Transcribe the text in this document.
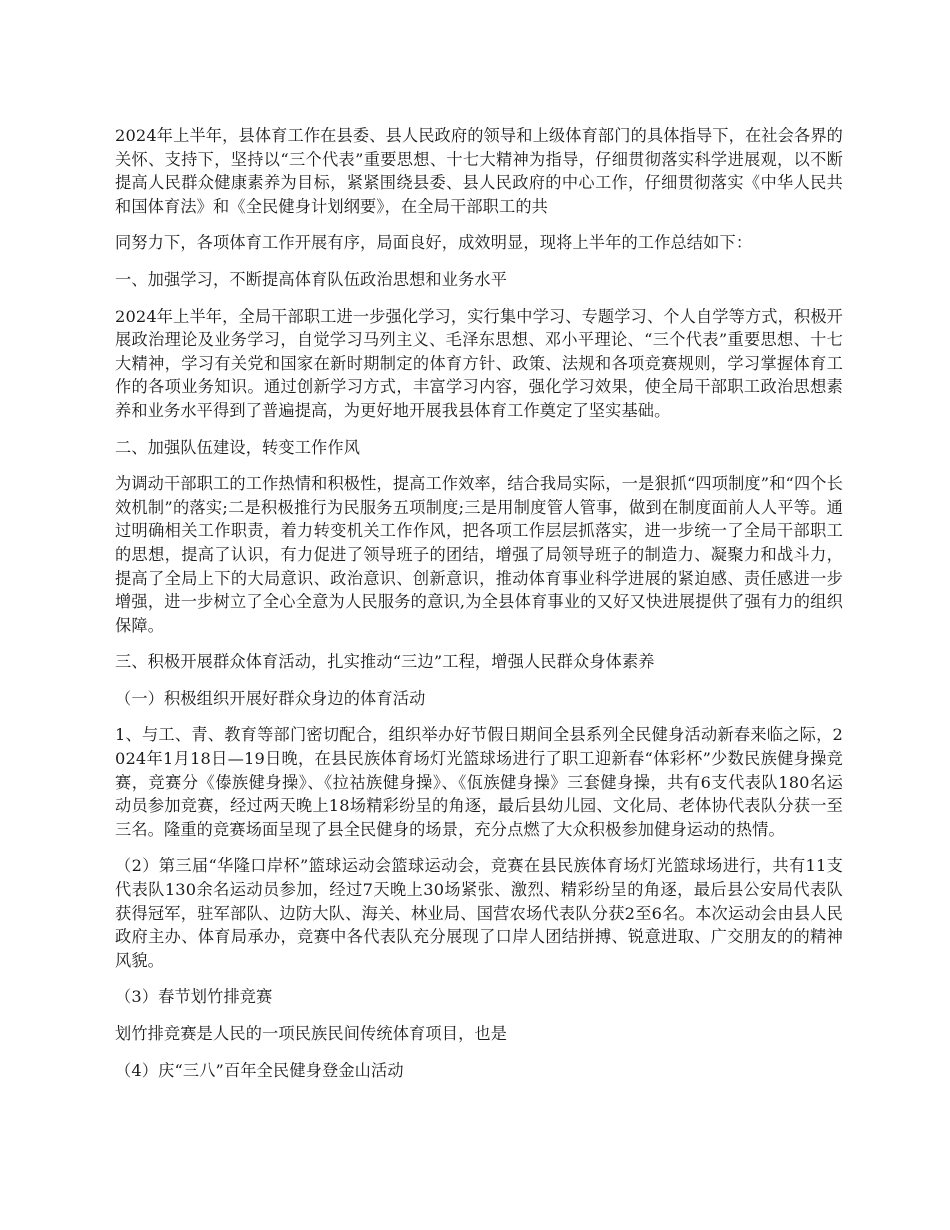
2024年上半年，县体育工作在县委、县人民政府的领导和上级体育部门的具体指导下，在社会各界的关怀、支持下，坚持以“三个代表”重要思想、十七大精神为指导，仔细贯彻落实科学进展观，以不断提高人民群众健康素养为目标，紧紧围绕县委、县人民政府的中心工作，仔细贯彻落实《中华人民共和国体育法》和《全民健身计划纲要》，在全局干部职工的共

同努力下，各项体育工作开展有序，局面良好，成效明显，现将上半年的工作总结如下：

一、加强学习，不断提高体育队伍政治思想和业务水平

2024年上半年，全局干部职工进一步强化学习，实行集中学习、专题学习、个人自学等方式，积极开展政治理论及业务学习，自觉学习马列主义、毛泽东思想、邓小平理论、“三个代表”重要思想、十七大精神，学习有关党和国家在新时期制定的体育方针、政策、法规和各项竞赛规则，学习掌握体育工作的各项业务知识。通过创新学习方式，丰富学习内容，强化学习效果，使全局干部职工政治思想素养和业务水平得到了普遍提高，为更好地开展我县体育工作奠定了坚实基础。

二、加强队伍建设，转变工作作风

为调动干部职工的工作热情和积极性，提高工作效率，结合我局实际，一是狠抓“四项制度”和“四个长效机制”的落实;二是积极推行为民服务五项制度;三是用制度管人管事，做到在制度面前人人平等。通过明确相关工作职责，着力转变机关工作作风，把各项工作层层抓落实，进一步统一了全局干部职工的思想，提高了认识，有力促进了领导班子的团结，增强了局领导班子的制造力、凝聚力和战斗力，提高了全局上下的大局意识、政治意识、创新意识，推动体育事业科学进展的紧迫感、责任感进一步增强，进一步树立了全心全意为人民服务的意识,为全县体育事业的又好又快进展提供了强有力的组织保障。

三、积极开展群众体育活动，扎实推动“三边”工程，增强人民群众身体素养

（一）积极组织开展好群众身边的体育活动

1、与工、青、教育等部门密切配合，组织举办好节假日期间全县系列全民健身活动新春来临之际，2024年1月18日—19日晚，在县民族体育场灯光篮球场进行了职工迎新春“体彩杯”少数民族健身操竞赛，竞赛分《傣族健身操》、《拉祜族健身操》、《佤族健身操》三套健身操，共有6支代表队180名运动员参加竞赛，经过两天晚上18场精彩纷呈的角逐，最后县幼儿园、文化局、老体协代表队分获一至三名。隆重的竞赛场面呈现了县全民健身的场景，充分点燃了大众积极参加健身运动的热情。

（2）第三届“华隆口岸杯”篮球运动会篮球运动会，竞赛在县民族体育场灯光篮球场进行，共有11支代表队130余名运动员参加，经过7天晚上30场紧张、激烈、精彩纷呈的角逐，最后县公安局代表队获得冠军，驻军部队、边防大队、海关、林业局、国营农场代表队分获2至6名。本次运动会由县人民政府主办、体育局承办，竞赛中各代表队充分展现了口岸人团结拼搏、锐意进取、广交朋友的的精神风貌。

（3）春节划竹排竞赛

划竹排竞赛是人民的一项民族民间传统体育项目，也是

（4）庆“三八”百年全民健身登金山活动
